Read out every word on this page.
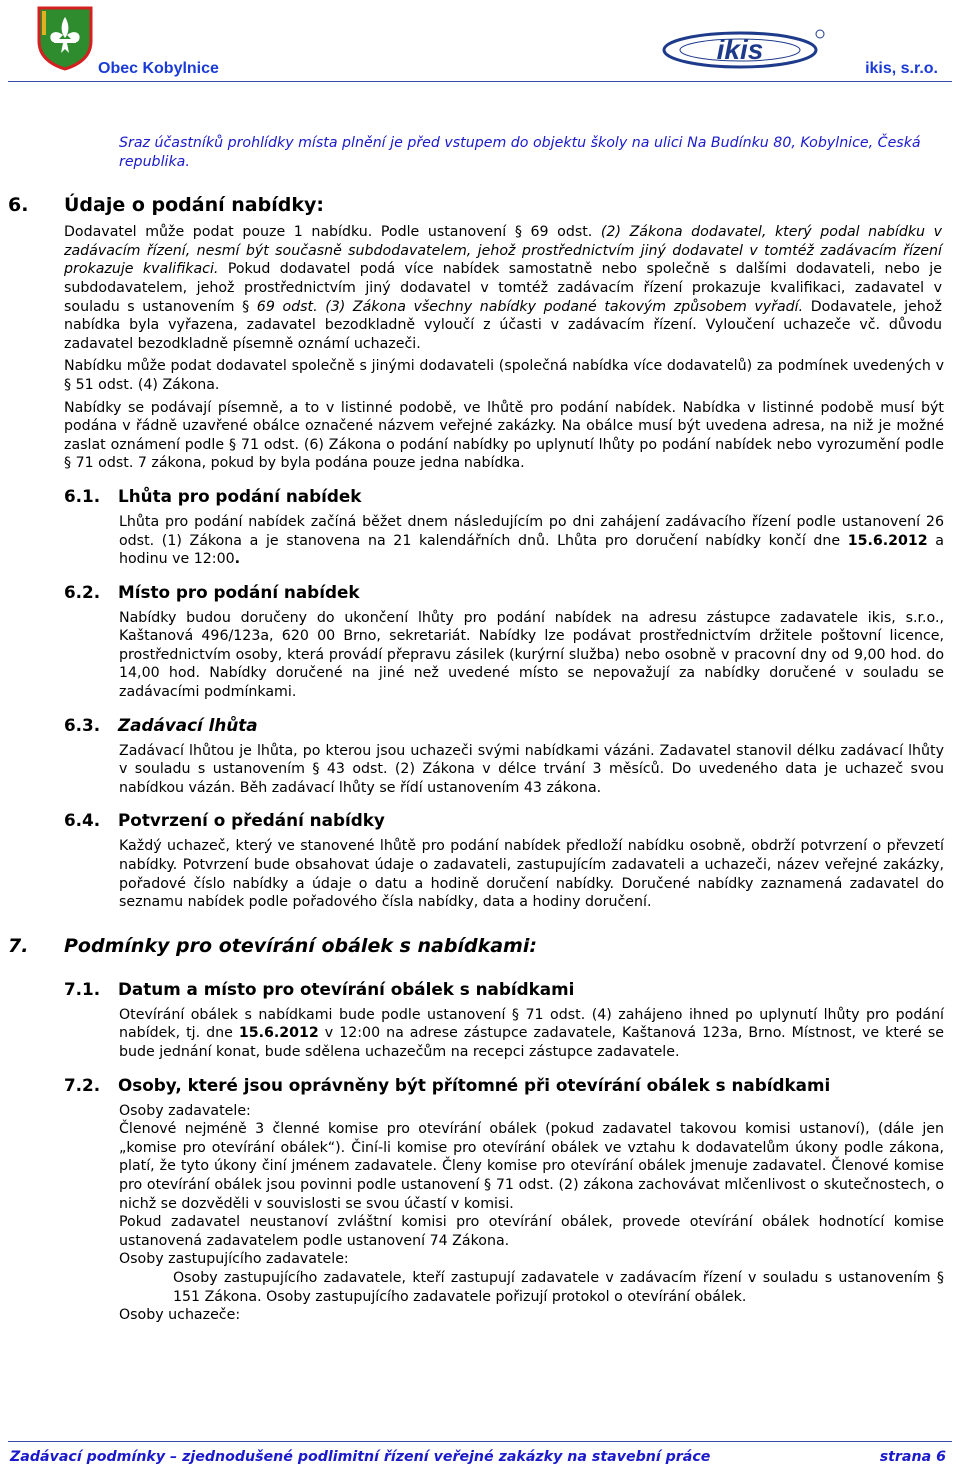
Obec Kobylnice
ikis
ikis, s.r.o.
Sraz účastníků prohlídky místa plnění je před vstupem do objektu školy na ulici Na Budínku 80, Kobylnice, Česká republika.
6. Údaje o podání nabídky:
Dodavatel může podat pouze 1 nabídku. Podle ustanovení § 69 odst. (2) Zákona dodavatel, který podal nabídku v zadávacím řízení, nesmí být současně subdodavatelem, jehož prostřednictvím jiný dodavatel v tomtéž zadávacím řízení prokazuje kvalifikaci. Pokud dodavatel podá více nabídek samostatně nebo společně s dalšími dodavateli, nebo je subdodavatelem, jehož prostřednictvím jiný dodavatel v tomtéž zadávacím řízení prokazuje kvalifikaci, zadavatel v souladu s ustanovením § 69 odst. (3) Zákona všechny nabídky podané takovým způsobem vyřadí. Dodavatele, jehož nabídka byla vyřazena, zadavatel bezodkladně vyloučí z účasti v zadávacím řízení. Vyloučení uchazeče vč. důvodu zadavatel bezodkladně písemně oznámí uchazeči.
Nabídku může podat dodavatel společně s jinými dodavateli (společná nabídka více dodavatelů) za podmínek uvedených v § 51 odst. (4) Zákona.
Nabídky se podávají písemně, a to v listinné podobě, ve lhůtě pro podání nabídek. Nabídka v listinné podobě musí být podána v řádně uzavřené obálce označené názvem veřejné zakázky. Na obálce musí být uvedena adresa, na niž je možné zaslat oznámení podle § 71 odst. (6) Zákona o podání nabídky po uplynutí lhůty po podání nabídek nebo vyrozumění podle § 71 odst. 7 zákona, pokud by byla podána pouze jedna nabídka.
6.1. Lhůta pro podání nabídek
Lhůta pro podání nabídek začíná běžet dnem následujícím po dni zahájení zadávacího řízení podle ustanovení 26 odst. (1) Zákona a je stanovena na 21 kalendářních dnů. Lhůta pro doručení nabídky končí dne 15.6.2012 a hodinu ve 12:00.
6.2. Místo pro podání nabídek
Nabídky budou doručeny do ukončení lhůty pro podání nabídek na adresu zástupce zadavatele ikis, s.r.o., Kaštanová 496/123a, 620 00 Brno, sekretariát. Nabídky lze podávat prostřednictvím držitele poštovní licence, prostřednictvím osoby, která provádí přepravu zásilek (kurýrní služba) nebo osobně v pracovní dny od 9,00 hod. do 14,00 hod. Nabídky doručené na jiné než uvedené místo se nepovažují za nabídky doručené v souladu se zadávacími podmínkami.
6.3. Zadávací lhůta
Zadávací lhůtou je lhůta, po kterou jsou uchazeči svými nabídkami vázáni. Zadavatel stanovil délku zadávací lhůty v souladu s ustanovením § 43 odst. (2) Zákona v délce trvání 3 měsíců. Do uvedeného data je uchazeč svou nabídkou vázán. Běh zadávací lhůty se řídí ustanovením 43 zákona.
6.4. Potvrzení o předání nabídky
Každý uchazeč, který ve stanovené lhůtě pro podání nabídek předloží nabídku osobně, obdrží potvrzení o převzetí nabídky. Potvrzení bude obsahovat údaje o zadavateli, zastupujícím zadavateli a uchazeči, název veřejné zakázky, pořadové číslo nabídky a údaje o datu a hodině doručení nabídky. Doručené nabídky zaznamená zadavatel do seznamu nabídek podle pořadového čísla nabídky, data a hodiny doručení.
7. Podmínky pro otevírání obálek s nabídkami:
7.1. Datum a místo pro otevírání obálek s nabídkami
Otevírání obálek s nabídkami bude podle ustanovení § 71 odst. (4) zahájeno ihned po uplynutí lhůty pro podání nabídek, tj. dne 15.6.2012 v 12:00 na adrese zástupce zadavatele, Kaštanová 123a, Brno. Místnost, ve které se bude jednání konat, bude sdělena uchazečům na recepci zástupce zadavatele.
7.2. Osoby, které jsou oprávněny být přítomné při otevírání obálek s nabídkami
Osoby zadavatele:
Členové nejméně 3 členné komise pro otevírání obálek (pokud zadavatel takovou komisi ustanoví), (dále jen „komise pro otevírání obálek“). Činí-li komise pro otevírání obálek ve vztahu k dodavatelům úkony podle zákona, platí, že tyto úkony činí jménem zadavatele. Členy komise pro otevírání obálek jmenuje zadavatel. Členové komise pro otevírání obálek jsou povinni podle ustanovení § 71 odst. (2) zákona zachovávat mlčenlivost o skutečnostech, o nichž se dozvěděli v souvislosti se svou účastí v komisi.
Pokud zadavatel neustanoví zvláštní komisi pro otevírání obálek, provede otevírání obálek hodnotící komise ustanovená zadavatelem podle ustanovení 74 Zákona.
Osoby zastupujícího zadavatele:
Osoby zastupujícího zadavatele, kteří zastupují zadavatele v zadávacím řízení v souladu s ustanovením § 151 Zákona. Osoby zastupujícího zadavatele pořizují protokol o otevírání obálek.
Osoby uchazeče:
Zadávací podmínky – zjednodušené podlimitní řízení veřejné zakázky na stavební práce	strana 6
